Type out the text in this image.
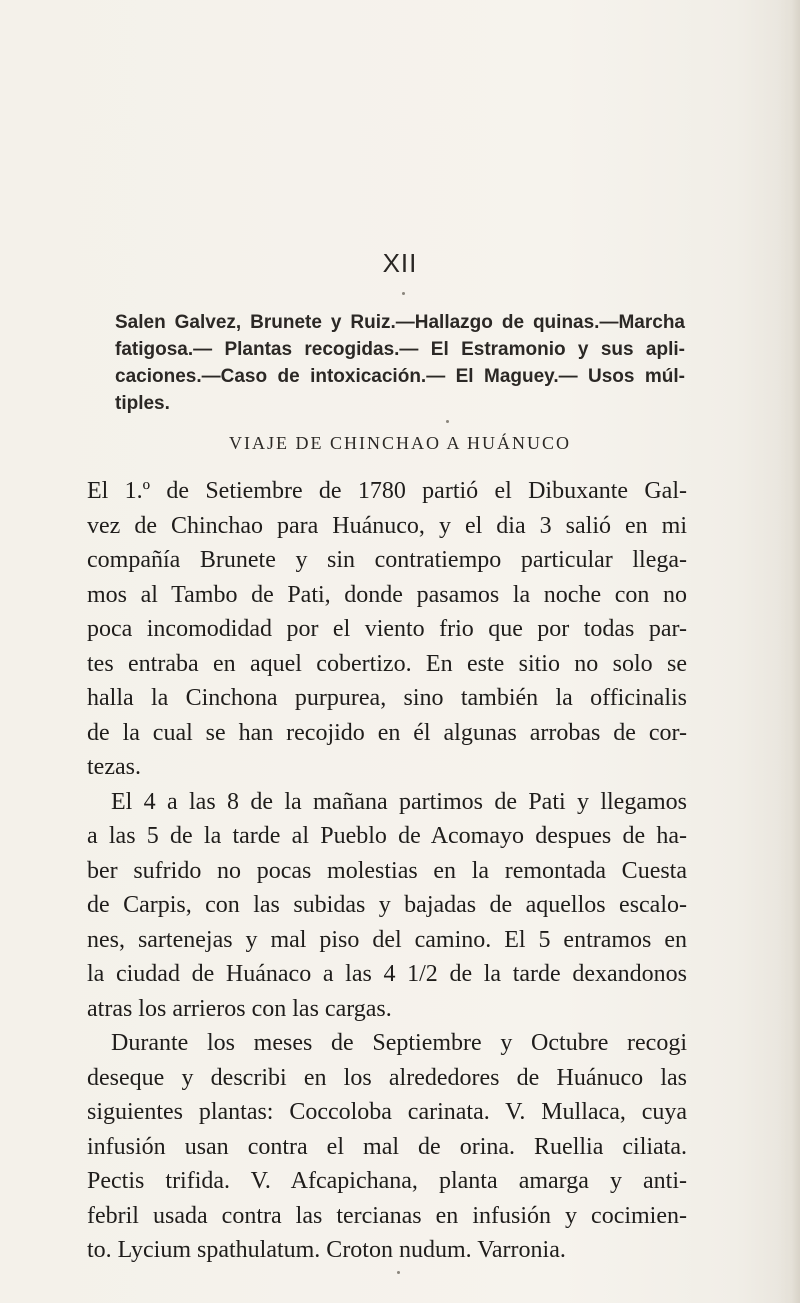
XII
Salen Galvez, Brunete y Ruiz.—Hallazgo de quinas.—Marcha
fatigosa.— Plantas recogidas.— El Estramonio y sus apli-
caciones.—Caso de intoxicación.— El Maguey.— Usos múl-
tiples.
VIAJE DE CHINCHAO A HUÁNUCO
El 1.º de Setiembre de 1780 partió el Dibuxante Gal-
vez de Chinchao para Huánuco, y el dia 3 salió en mi
compañía Brunete y sin contratiempo particular llega-
mos al Tambo de Pati, donde pasamos la noche con no
poca incomodidad por el viento frio que por todas par-
tes entraba en aquel cobertizo. En este sitio no solo se
halla la Cinchona purpurea, sino también la officinalis
de la cual se han recojido en él algunas arrobas de cor-
tezas.
El 4 a las 8 de la mañana partimos de Pati y llegamos
a las 5 de la tarde al Pueblo de Acomayo despues de ha-
ber sufrido no pocas molestias en la remontada Cuesta
de Carpis, con las subidas y bajadas de aquellos escalo-
nes, sartenejas y mal piso del camino. El 5 entramos en
la ciudad de Huánaco a las 4 1/2 de la tarde dexandonos
atras los arrieros con las cargas.
Durante los meses de Septiembre y Octubre recogi
deseque y describi en los alrededores de Huánuco las
siguientes plantas: Coccoloba carinata. V. Mullaca, cuya
infusión usan contra el mal de orina. Ruellia ciliata.
Pectis trifida. V. Afcapichana, planta amarga y anti-
febril usada contra las tercianas en infusión y cocimien-
to. Lycium spathulatum. Croton nudum. Varronia.
